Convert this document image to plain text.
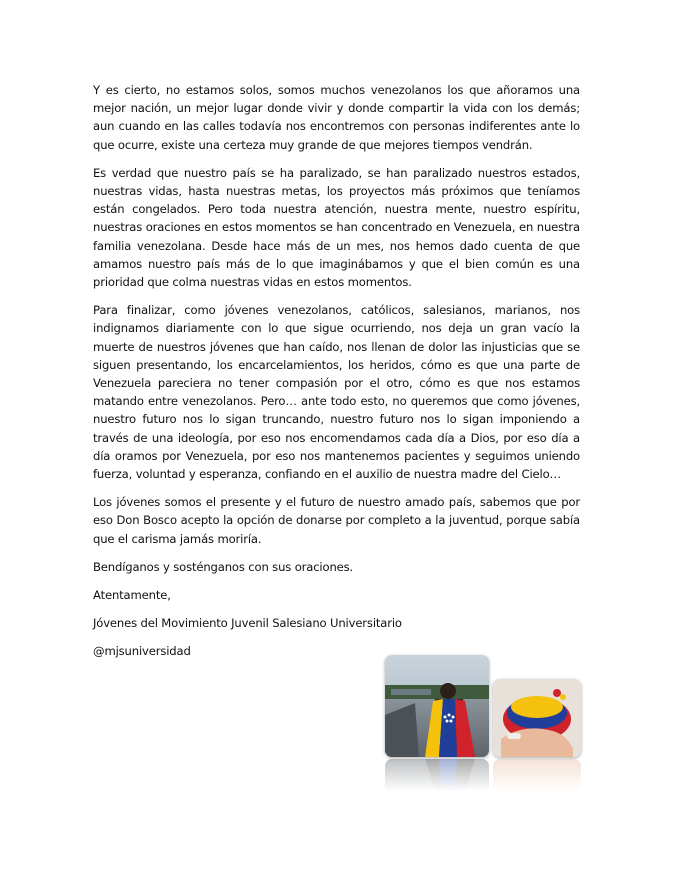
Y es cierto, no estamos solos, somos muchos venezolanos los que añoramos una mejor nación, un mejor lugar donde vivir y donde compartir la vida con los demás; aun cuando en las calles todavía nos encontremos con personas indiferentes ante lo que ocurre, existe una certeza muy grande de que mejores tiempos vendrán.

Es verdad que nuestro país se ha paralizado, se han paralizado nuestros estados, nuestras vidas, hasta nuestras metas, los proyectos más próximos que teníamos están congelados. Pero toda nuestra atención, nuestra mente, nuestro espíritu, nuestras oraciones en estos momentos se han concentrado en Venezuela, en nuestra familia venezolana. Desde hace más de un mes, nos hemos dado cuenta de que amamos nuestro país más de lo que imaginábamos y que el bien común es una prioridad que colma nuestras vidas en estos momentos.

Para finalizar, como jóvenes venezolanos, católicos, salesianos, marianos, nos indignamos diariamente con lo que sigue ocurriendo, nos deja un gran vacío la muerte de nuestros jóvenes que han caído, nos llenan de dolor las injusticias que se siguen presentando, los encarcelamientos, los heridos, cómo es que una parte de Venezuela pareciera no tener compasión por el otro, cómo es que nos estamos matando entre venezolanos. Pero… ante todo esto, no queremos que como jóvenes, nuestro futuro nos lo sigan truncando, nuestro futuro nos lo sigan imponiendo a través de una ideología, por eso nos encomendamos cada día a Dios, por eso día a día oramos por Venezuela, por eso nos mantenemos pacientes y seguimos uniendo fuerza, voluntad y esperanza, confiando en el auxilio de nuestra madre del Cielo…

Los jóvenes somos el presente y el futuro de nuestro amado país, sabemos que por eso Don Bosco acepto la opción de donarse por completo a la juventud, porque sabía que el carisma jamás moriría.

Bendíganos y sosténganos con sus oraciones.

Atentamente,

Jóvenes del Movimiento Juvenil Salesiano Universitario

@mjsuniversidad
